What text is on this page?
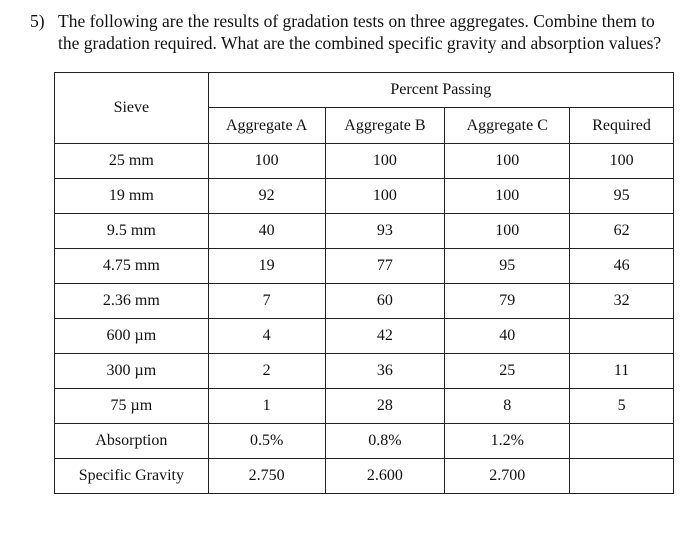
5) The following are the results of gradation tests on three aggregates. Combine them to
the gradation required. What are the combined specific gravity and absorption values?
Sieve	Percent Passing			
	Aggregate A	Aggregate B	Aggregate C	Required
25 mm	100	100	100	100
19 mm	92	100	100	95
9.5 mm	40	93	100	62
4.75 mm	19	77	95	46
2.36 mm	7	60	79	32
600 µm	4	42	40	
300 µm	2	36	25	11
75 µm	1	28	8	5
Absorption	0.5%	0.8%	1.2%	
Specific Gravity	2.750	2.600	2.700	
